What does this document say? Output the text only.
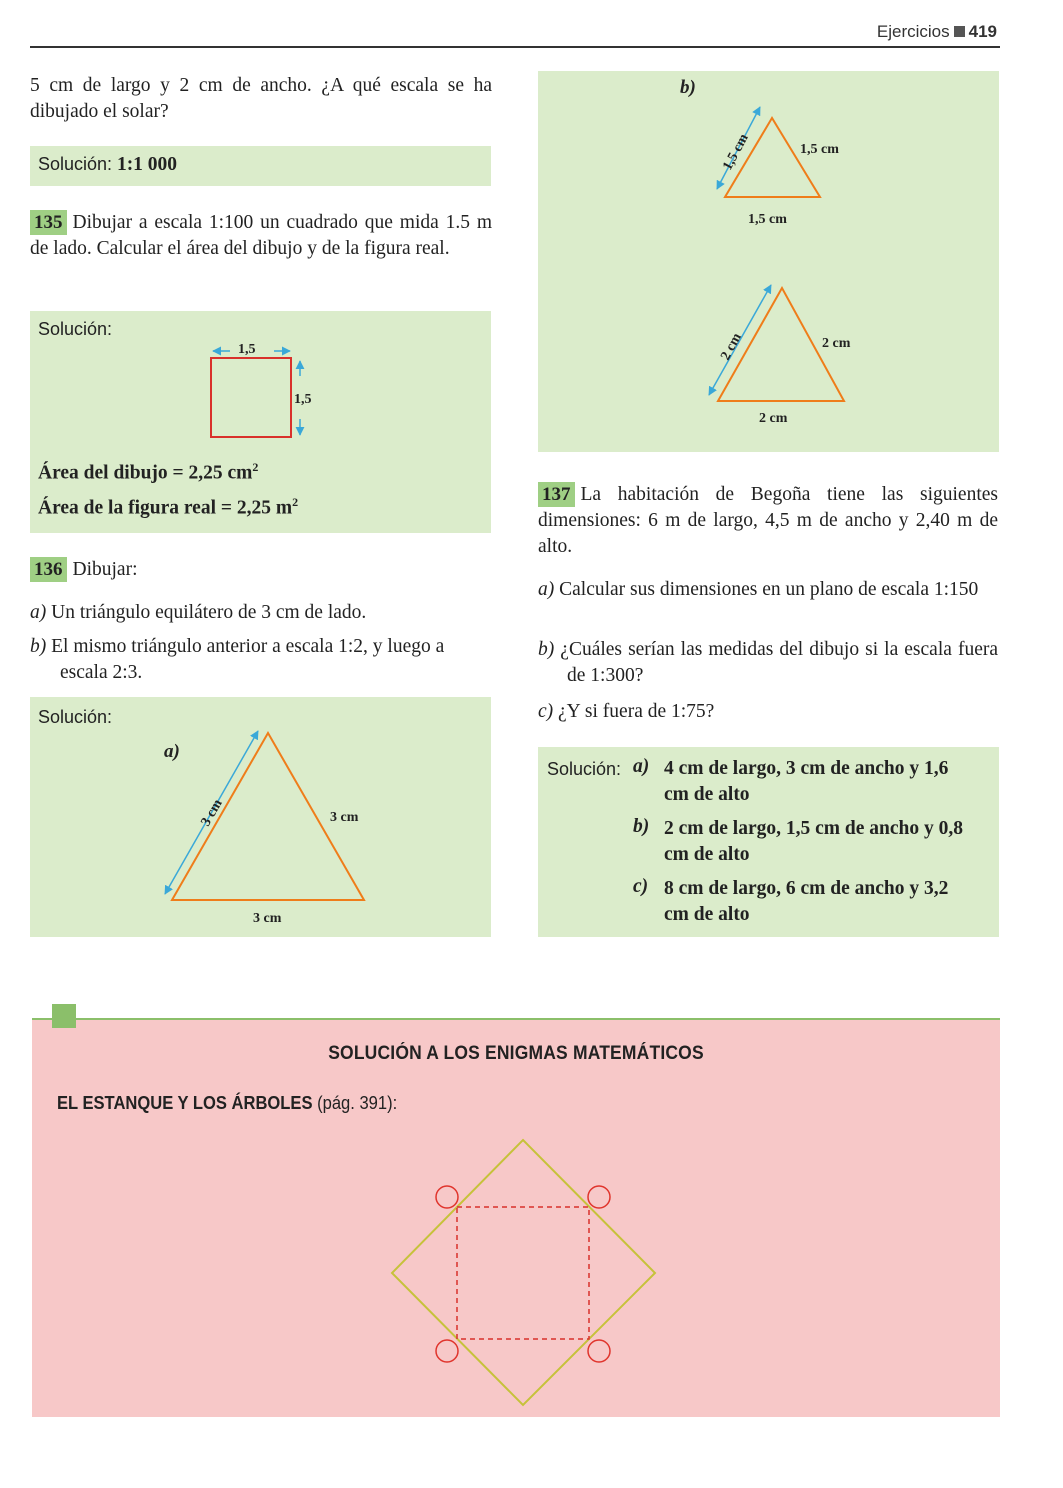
Ejercicios 419
5 cm de largo y 2 cm de ancho. ¿A qué escala se ha dibujado el solar?
Solución: 1:1 000
135 Dibujar a escala 1:100 un cuadrado que mida 1.5 m de lado. Calcular el área del dibujo y de la figura real.
Solución:
1,5
1,5
Área del dibujo = 2,25 $cm^2$
Área de la figura real = 2,25 $m^2$
136 Dibujar:
a) Un triángulo equilátero de 3 cm de lado.
b) El mismo triángulo anterior a escala 1:2, y luego a escala 2:3.
Solución:
a)
3 cm	3 cm
3 cm
b)
1,5 cm	1,5 cm
1,5 cm
2 cm	2 cm
2 cm
137 La habitación de Begoña tiene las siguientes dimensiones: 6 m de largo, 4,5 m de ancho y 2,40 m de alto.
a) Calcular sus dimensiones en un plano de escala 1:150
b) ¿Cuáles serían las medidas del dibujo si la escala fuera de 1:300?
c) ¿Y si fuera de 1:75?
Solución: a) 4 cm de largo, 3 cm de ancho y 1,6 cm de alto
b) 2 cm de largo, 1,5 cm de ancho y 0,8 cm de alto
c) 8 cm de largo, 6 cm de ancho y 3,2 cm de alto
SOLUCIÓN A LOS ENIGMAS MATEMÁTICOS
EL ESTANQUE Y LOS ÁRBOLES (pág. 391):
